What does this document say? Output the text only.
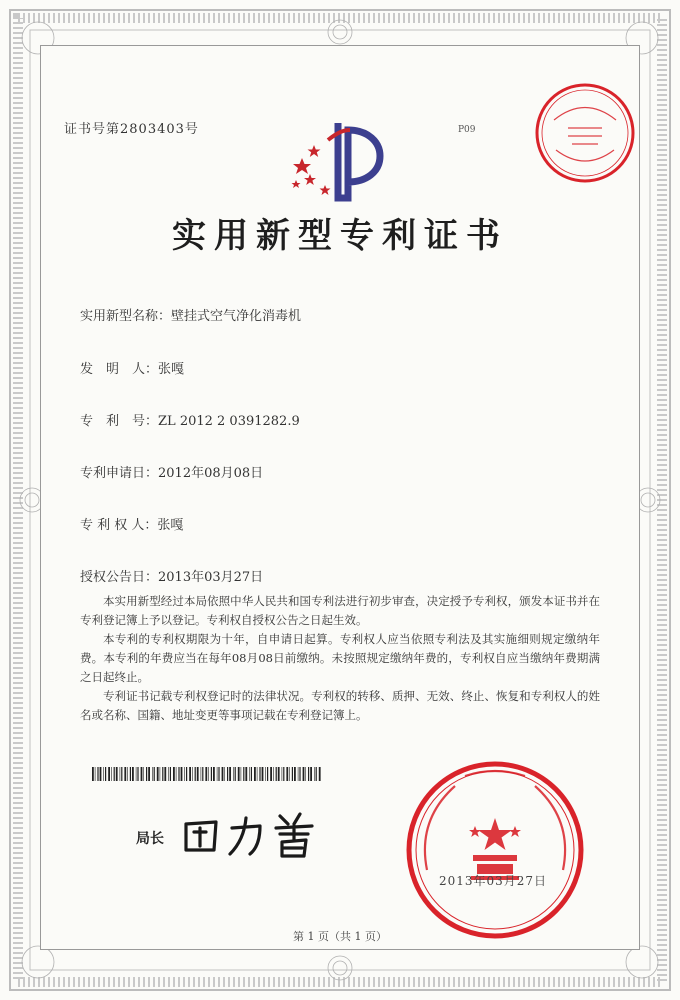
证书号第2803403号	P09
实用新型专利证书
实用新型名称：壁挂式空气净化消毒机
发　明　人：张嘎
专　利　号：ZL 2012 2 0391282.9
专利申请日：2012年08月08日
专 利 权 人：张嘎
授权公告日：2013年03月27日

本实用新型经过本局依照中华人民共和国专利法进行初步审查，决定授予专利权，颁发本证书并在专利登记簿上予以登记。专利权自授权公告之日起生效。

本专利的专利权期限为十年，自申请日起算。专利权人应当依照专利法及其实施细则规定缴纳年费。本专利的年费应当在每年08月08日前缴纳。未按照规定缴纳年费的，专利权自应当缴纳年费期满之日起终止。

专利证书记载专利权登记时的法律状况。专利权的转移、质押、无效、终止、恢复和专利权人的姓名或名称、国籍、地址变更等事项记载在专利登记簿上。

局长
2013年03月27日
第 1 页（共 1 页）
